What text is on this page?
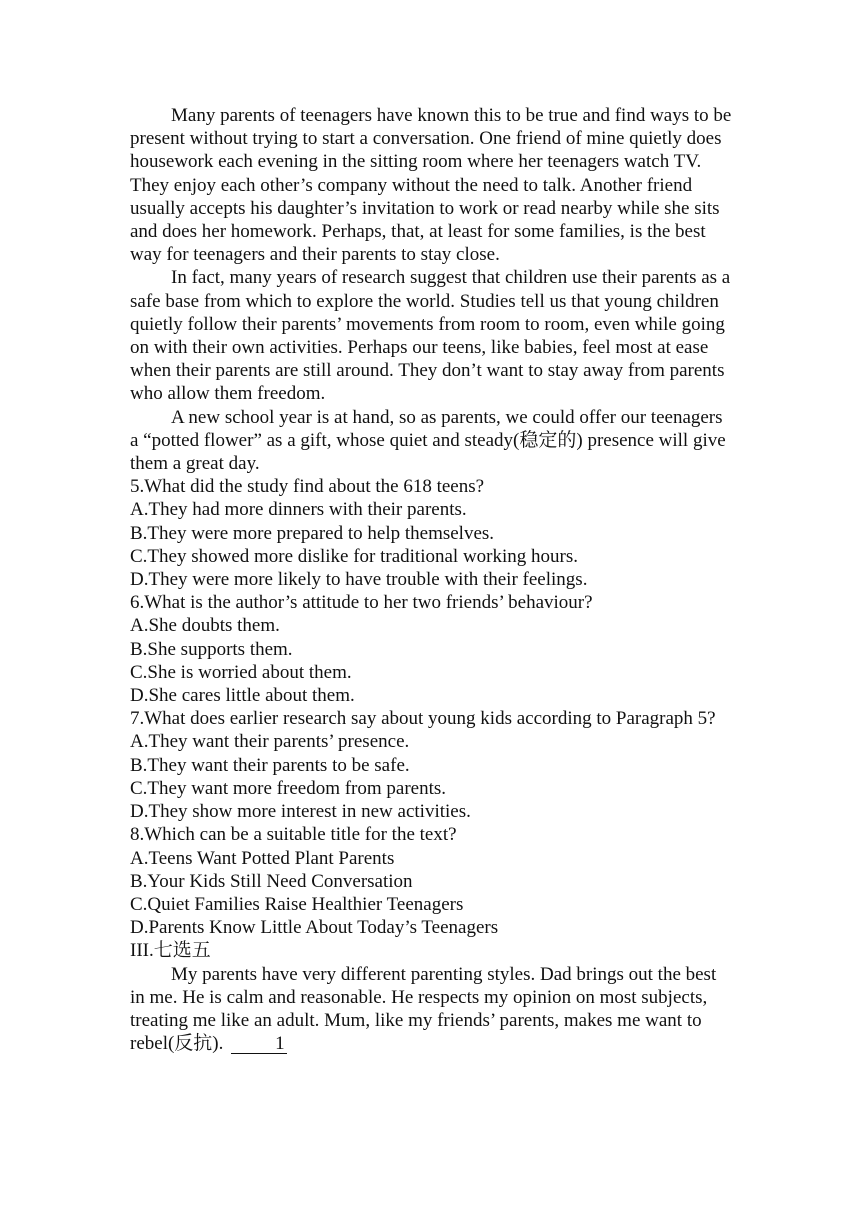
Many parents of teenagers have known this to be true and find ways to be present without trying to start a conversation. One friend of mine quietly does housework each evening in the sitting room where her teenagers watch TV. They enjoy each other’s company without the need to talk. Another friend usually accepts his daughter’s invitation to work or read nearby while she sits and does her homework. Perhaps, that, at least for some families, is the best way for teenagers and their parents to stay close.

In fact, many years of research suggest that children use their parents as a safe base from which to explore the world. Studies tell us that young children quietly follow their parents’ movements from room to room, even while going on with their own activities. Perhaps our teens, like babies, feel most at ease when their parents are still around. They don’t want to stay away from parents who allow them freedom.

A new school year is at hand, so as parents, we could offer our teenagers a “potted flower” as a gift, whose quiet and steady(稳定的) presence will give them a great day.

5.What did the study find about the 618 teens?

A.They had more dinners with their parents.

B.They were more prepared to help themselves.

C.They showed more dislike for traditional working hours.

D.They were more likely to have trouble with their feelings.

6.What is the author’s attitude to her two friends’ behaviour?

A.She doubts them.

B.She supports them.

C.She is worried about them.

D.She cares little about them.

7.What does earlier research say about young kids according to Paragraph 5?

A.They want their parents’ presence.

B.They want their parents to be safe.

C.They want more freedom from parents.

D.They show more interest in new activities.

8.Which can be a suitable title for the text?

A.Teens Want Potted Plant Parents

B.Your Kids Still Need Conversation

C.Quiet Families Raise Healthier Teenagers

D.Parents Know Little About Today’s Teenagers

III.七选五

My parents have very different parenting styles. Dad brings out the best in me. He is calm and reasonable. He respects my opinion on most subjects, treating me like an adult. Mum, like my friends’ parents, makes me want to rebel(反抗).	1
